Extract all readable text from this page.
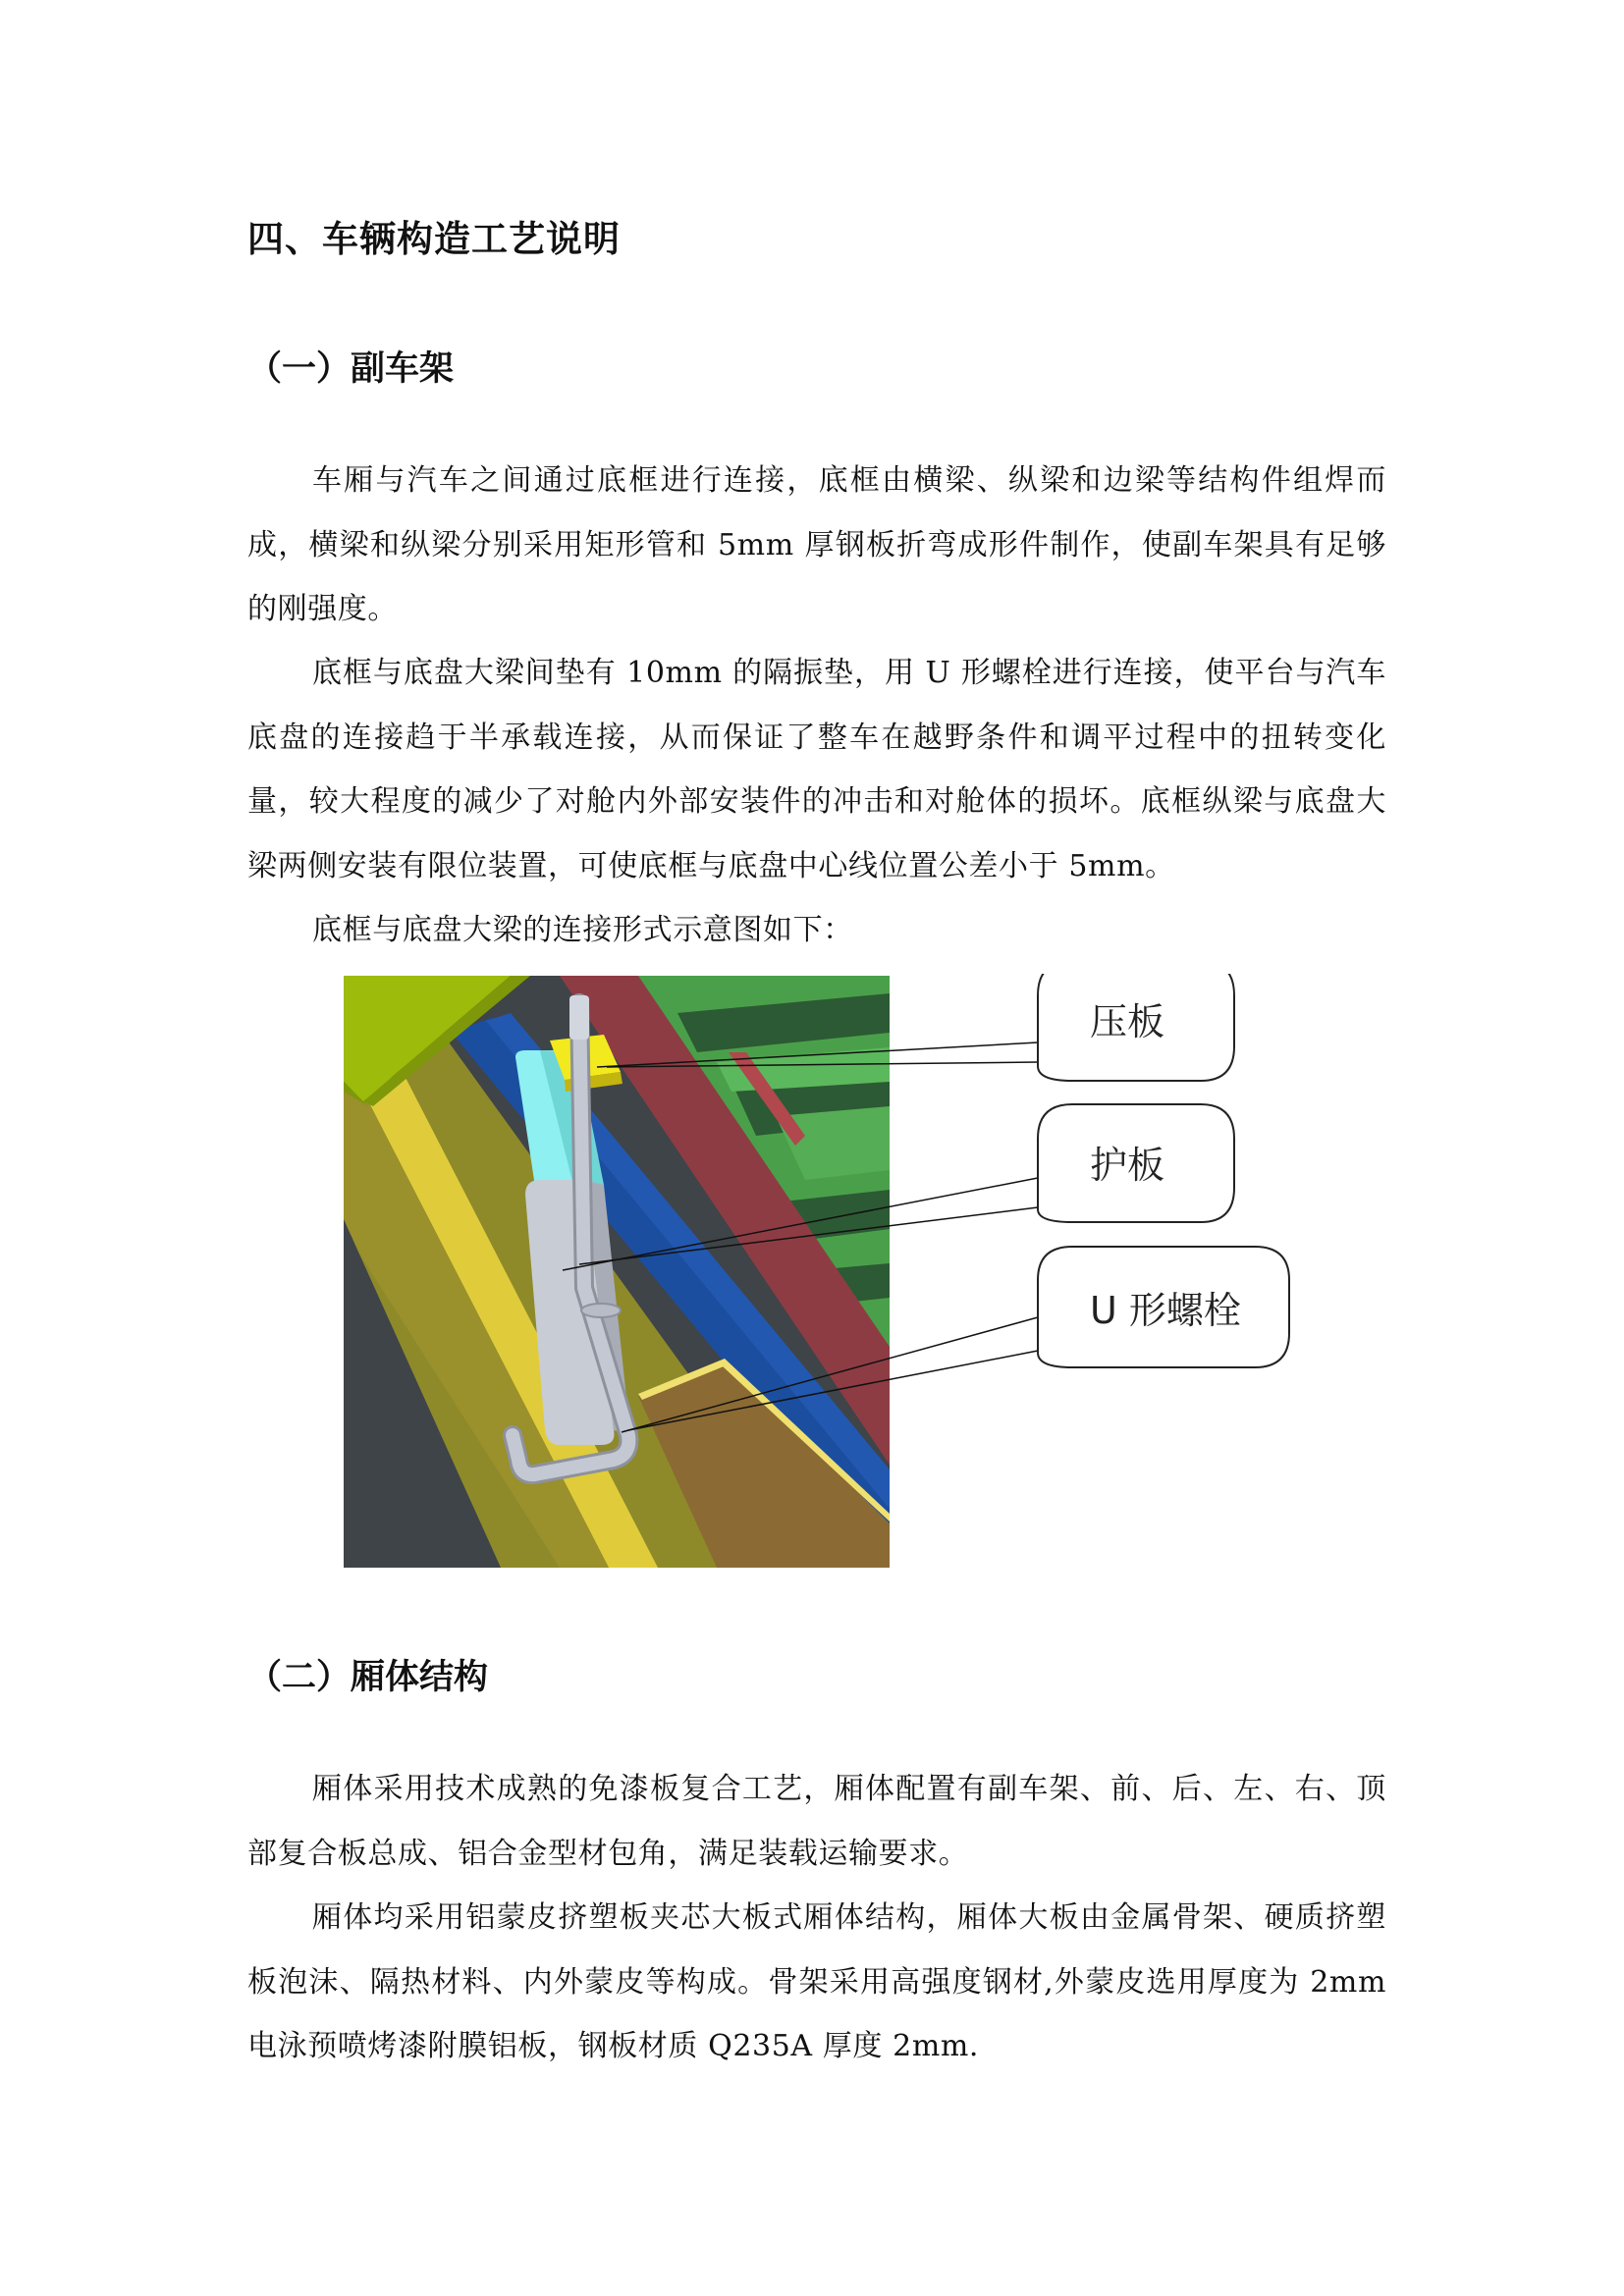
四、车辆构造工艺说明
（一）副车架

车厢与汽车之间通过底框进行连接，底框由横梁、纵梁和边梁等结构件组焊而成，横梁和纵梁分别采用矩形管和 5mm 厚钢板折弯成形件制作，使副车架具有足够的刚强度。

底框与底盘大梁间垫有 10mm 的隔振垫，用 U 形螺栓进行连接，使平台与汽车底盘的连接趋于半承载连接，从而保证了整车在越野条件和调平过程中的扭转变化量，较大程度的减少了对舱内外部安装件的冲击和对舱体的损坏。底框纵梁与底盘大梁两侧安装有限位装置，可使底框与底盘中心线位置公差小于 5mm。

底框与底盘大梁的连接形式示意图如下：

压板
护板
U 形螺栓
（二）厢体结构

厢体采用技术成熟的免漆板复合工艺，厢体配置有副车架、前、后、左、右、顶部复合板总成、铝合金型材包角，满足装载运输要求。

厢体均采用铝蒙皮挤塑板夹芯大板式厢体结构，厢体大板由金属骨架、硬质挤塑板泡沫、隔热材料、内外蒙皮等构成。骨架采用高强度钢材,外蒙皮选用厚度为 2mm 电泳预喷烤漆附膜铝板，钢板材质 Q235A 厚度 2mm.
